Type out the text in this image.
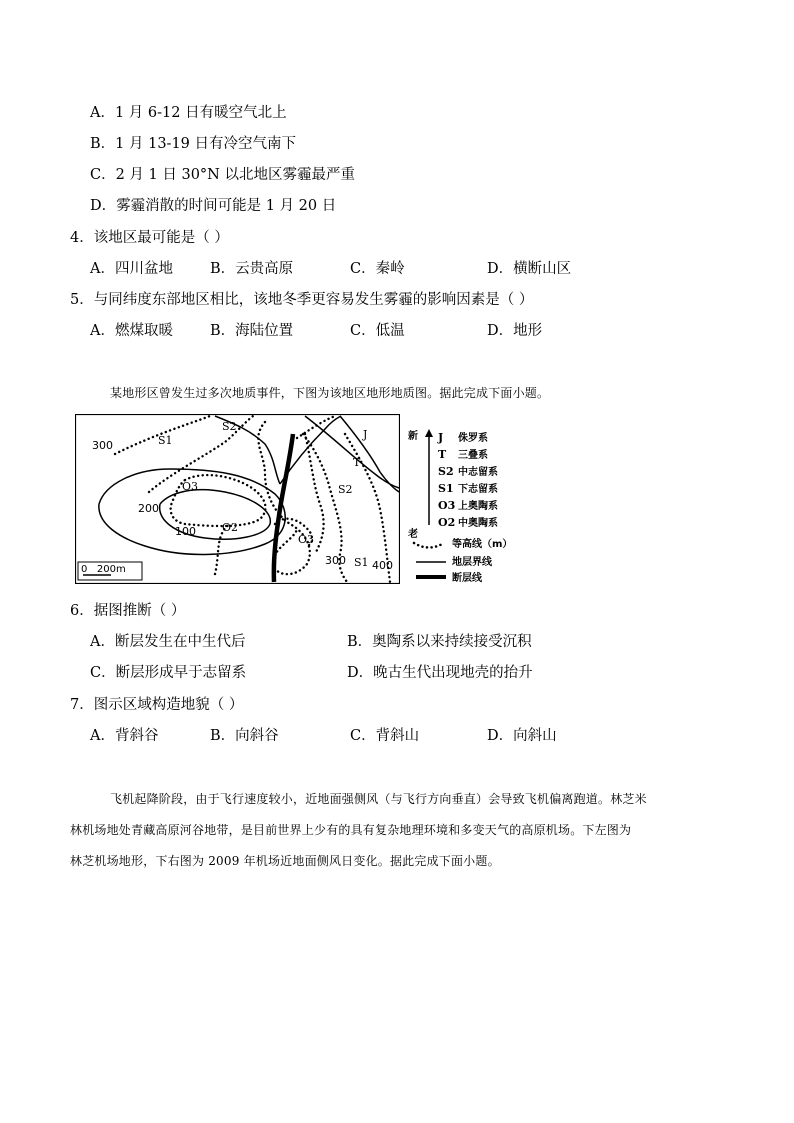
A．1 月 6-12 日有暖空气北上
B．1 月 13-19 日有冷空气南下
C．2 月 1 日 30°N 以北地区雾霾最严重
D．雾霾消散的时间可能是 1 月 20 日
4．该地区最可能是（ ）
A．四川盆地	B．云贵高原	C．秦岭	D．横断山区
5．与同纬度东部地区相比，该地冬季更容易发生雾霾的影响因素是（ ）
A．燃煤取暖	B．海陆位置	C．低温	D．地形
某地形区曾发生过多次地质事件，下图为该地区地形地质图。据此完成下面小题。
300
200
100
300 400
S1
S2
J
T
S2
O3
O2
O3
S1
0   200m
新
老
J
T
S2
S1
O3
O2
侏罗系
三叠系
中志留系
下志留系
上奥陶系
中奥陶系
等高线（m）
地层界线
断层线
6．据图推断（ ）
A．断层发生在中生代后	B．奥陶系以来持续接受沉积
C．断层形成早于志留系	D．晚古生代出现地壳的抬升
7．图示区域构造地貌（ ）
A．背斜谷	B．向斜谷	C．背斜山	D．向斜山
飞机起降阶段，由于飞行速度较小，近地面强侧风（与飞行方向垂直）会导致飞机偏离跑道。林芝米
林机场地处青藏高原河谷地带，是目前世界上少有的具有复杂地理环境和多变天气的高原机场。下左图为
林芝机场地形，下右图为 2009 年机场近地面侧风日变化。据此完成下面小题。
